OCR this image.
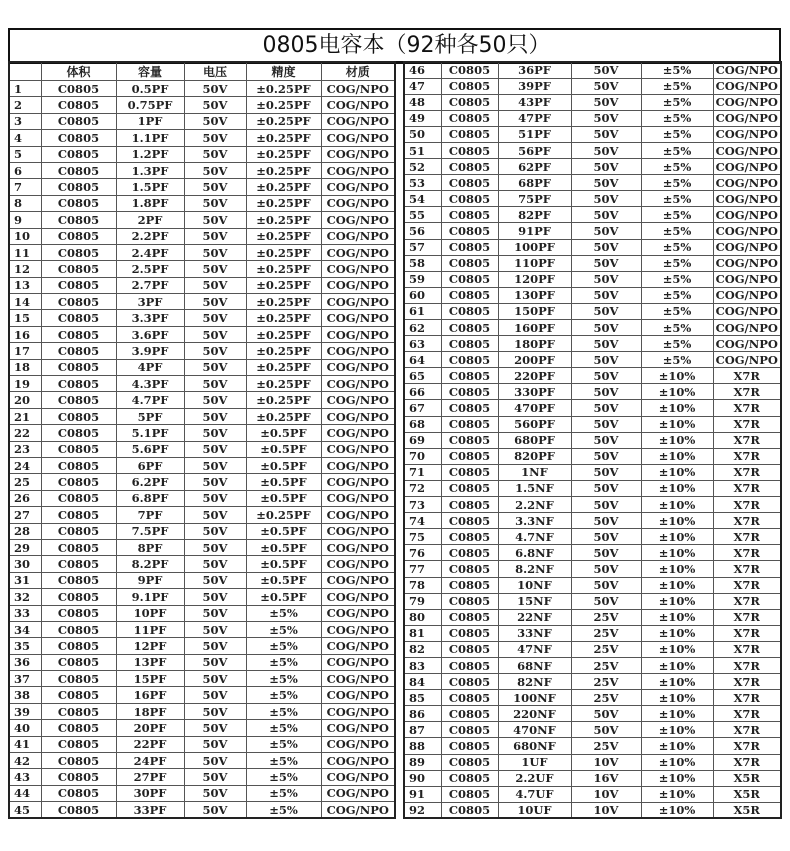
0805电容本（92种各50只）
	体积	容量	电压	精度	材质
1	C0805	0.5PF	50V	±0.25PF	COG/NPO
2	C0805	0.75PF	50V	±0.25PF	COG/NPO
3	C0805	1PF	50V	±0.25PF	COG/NPO
4	C0805	1.1PF	50V	±0.25PF	COG/NPO
5	C0805	1.2PF	50V	±0.25PF	COG/NPO
6	C0805	1.3PF	50V	±0.25PF	COG/NPO
7	C0805	1.5PF	50V	±0.25PF	COG/NPO
8	C0805	1.8PF	50V	±0.25PF	COG/NPO
9	C0805	2PF	50V	±0.25PF	COG/NPO
10	C0805	2.2PF	50V	±0.25PF	COG/NPO
11	C0805	2.4PF	50V	±0.25PF	COG/NPO
12	C0805	2.5PF	50V	±0.25PF	COG/NPO
13	C0805	2.7PF	50V	±0.25PF	COG/NPO
14	C0805	3PF	50V	±0.25PF	COG/NPO
15	C0805	3.3PF	50V	±0.25PF	COG/NPO
16	C0805	3.6PF	50V	±0.25PF	COG/NPO
17	C0805	3.9PF	50V	±0.25PF	COG/NPO
18	C0805	4PF	50V	±0.25PF	COG/NPO
19	C0805	4.3PF	50V	±0.25PF	COG/NPO
20	C0805	4.7PF	50V	±0.25PF	COG/NPO
21	C0805	5PF	50V	±0.25PF	COG/NPO
22	C0805	5.1PF	50V	±0.5PF	COG/NPO
23	C0805	5.6PF	50V	±0.5PF	COG/NPO
24	C0805	6PF	50V	±0.5PF	COG/NPO
25	C0805	6.2PF	50V	±0.5PF	COG/NPO
26	C0805	6.8PF	50V	±0.5PF	COG/NPO
27	C0805	7PF	50V	±0.25PF	COG/NPO
28	C0805	7.5PF	50V	±0.5PF	COG/NPO
29	C0805	8PF	50V	±0.5PF	COG/NPO
30	C0805	8.2PF	50V	±0.5PF	COG/NPO
31	C0805	9PF	50V	±0.5PF	COG/NPO
32	C0805	9.1PF	50V	±0.5PF	COG/NPO
33	C0805	10PF	50V	±5%	COG/NPO
34	C0805	11PF	50V	±5%	COG/NPO
35	C0805	12PF	50V	±5%	COG/NPO
36	C0805	13PF	50V	±5%	COG/NPO
37	C0805	15PF	50V	±5%	COG/NPO
38	C0805	16PF	50V	±5%	COG/NPO
39	C0805	18PF	50V	±5%	COG/NPO
40	C0805	20PF	50V	±5%	COG/NPO
41	C0805	22PF	50V	±5%	COG/NPO
42	C0805	24PF	50V	±5%	COG/NPO
43	C0805	27PF	50V	±5%	COG/NPO
44	C0805	30PF	50V	±5%	COG/NPO
45	C0805	33PF	50V	±5%	COG/NPO
46	C0805	36PF	50V	±5%	COG/NPO
47	C0805	39PF	50V	±5%	COG/NPO
48	C0805	43PF	50V	±5%	COG/NPO
49	C0805	47PF	50V	±5%	COG/NPO
50	C0805	51PF	50V	±5%	COG/NPO
51	C0805	56PF	50V	±5%	COG/NPO
52	C0805	62PF	50V	±5%	COG/NPO
53	C0805	68PF	50V	±5%	COG/NPO
54	C0805	75PF	50V	±5%	COG/NPO
55	C0805	82PF	50V	±5%	COG/NPO
56	C0805	91PF	50V	±5%	COG/NPO
57	C0805	100PF	50V	±5%	COG/NPO
58	C0805	110PF	50V	±5%	COG/NPO
59	C0805	120PF	50V	±5%	COG/NPO
60	C0805	130PF	50V	±5%	COG/NPO
61	C0805	150PF	50V	±5%	COG/NPO
62	C0805	160PF	50V	±5%	COG/NPO
63	C0805	180PF	50V	±5%	COG/NPO
64	C0805	200PF	50V	±5%	COG/NPO
65	C0805	220PF	50V	±10%	X7R
66	C0805	330PF	50V	±10%	X7R
67	C0805	470PF	50V	±10%	X7R
68	C0805	560PF	50V	±10%	X7R
69	C0805	680PF	50V	±10%	X7R
70	C0805	820PF	50V	±10%	X7R
71	C0805	1NF	50V	±10%	X7R
72	C0805	1.5NF	50V	±10%	X7R
73	C0805	2.2NF	50V	±10%	X7R
74	C0805	3.3NF	50V	±10%	X7R
75	C0805	4.7NF	50V	±10%	X7R
76	C0805	6.8NF	50V	±10%	X7R
77	C0805	8.2NF	50V	±10%	X7R
78	C0805	10NF	50V	±10%	X7R
79	C0805	15NF	50V	±10%	X7R
80	C0805	22NF	25V	±10%	X7R
81	C0805	33NF	25V	±10%	X7R
82	C0805	47NF	25V	±10%	X7R
83	C0805	68NF	25V	±10%	X7R
84	C0805	82NF	25V	±10%	X7R
85	C0805	100NF	25V	±10%	X7R
86	C0805	220NF	50V	±10%	X7R
87	C0805	470NF	50V	±10%	X7R
88	C0805	680NF	25V	±10%	X7R
89	C0805	1UF	10V	±10%	X7R
90	C0805	2.2UF	16V	±10%	X5R
91	C0805	4.7UF	10V	±10%	X5R
92	C0805	10UF	10V	±10%	X5R
